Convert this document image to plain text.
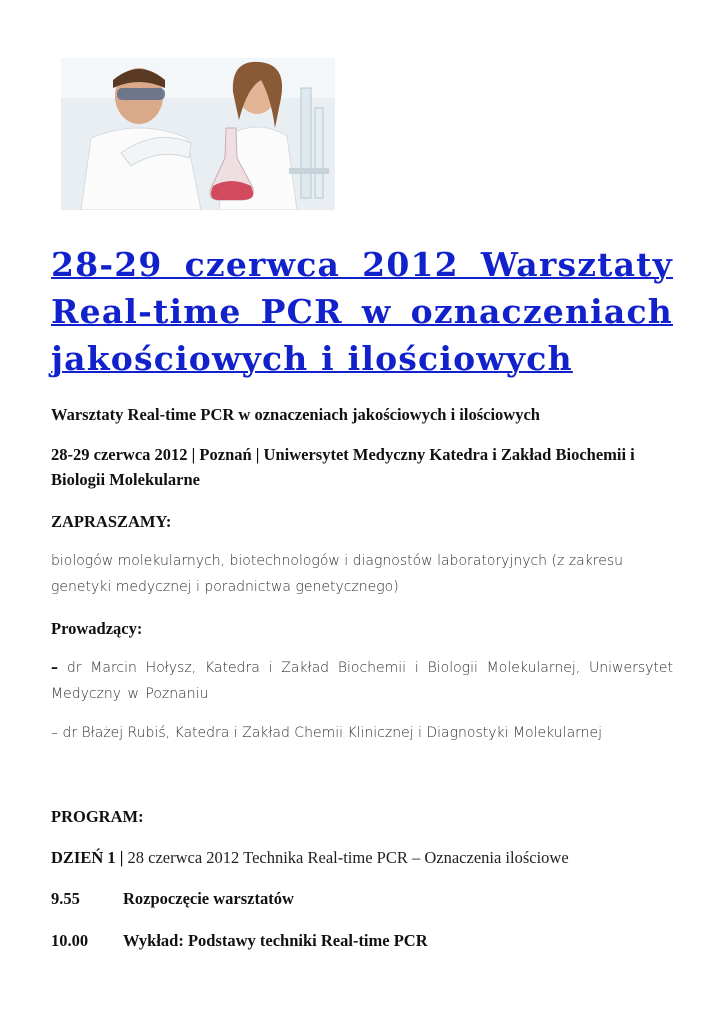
28-29 czerwca 2012 Warsztaty Real-time PCR w oznaczeniach jakościowych i ilościowych

Warsztaty Real-time PCR w oznaczeniach jakościowych i ilościowych

28-29 czerwca 2012 | Poznań | Uniwersytet Medyczny Katedra i Zakład Biochemii i Biologii Molekularne

ZAPRASZAMY:

biologów molekularnych, biotechnologów i diagnostów laboratoryjnych (z zakresu genetyki medycznej i poradnictwa genetycznego)

Prowadzący:

– dr Marcin Hołysz, Katedra i Zakład Biochemii i Biologii Molekularnej, Uniwersytet Medyczny w Poznaniu

– dr Błażej Rubiś, Katedra i Zakład Chemii Klinicznej i Diagnostyki Molekularnej

PROGRAM:

DZIEŃ 1 | 28 czerwca 2012 Technika Real-time PCR – Oznaczenia ilościowe

9.55	Rozpoczęcie warsztatów

10.00 Wykład: Podstawy techniki Real-time PCR
